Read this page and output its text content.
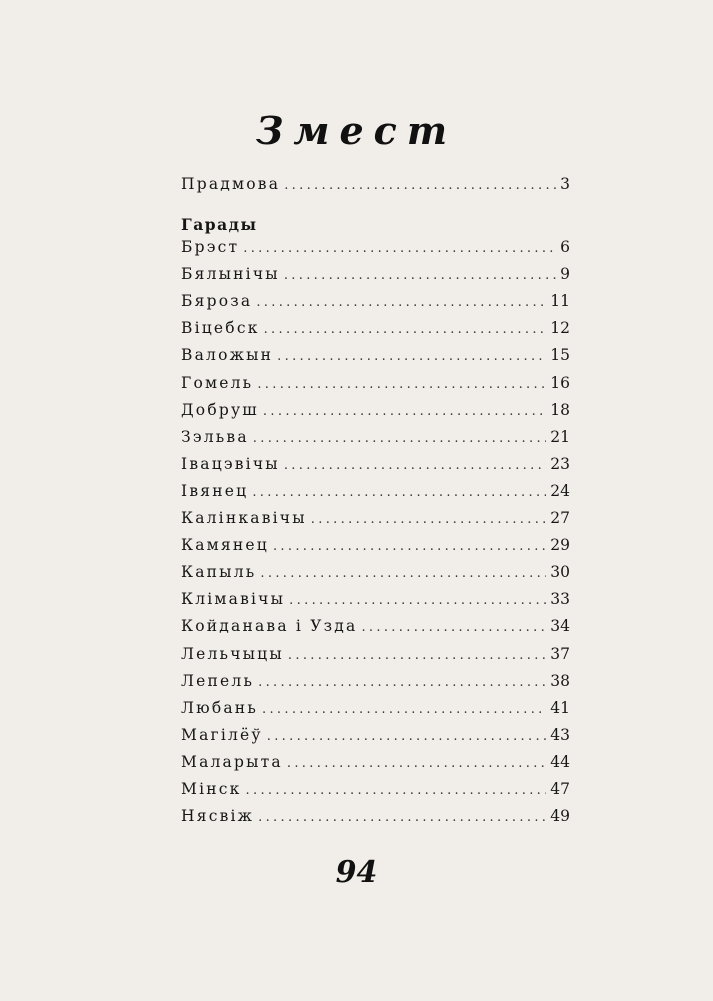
Змест
Прадмова . . .	3
Гарады
Брэст . . .	6
Бялынічы . . .	9
Бяроза . . .	11
Віцебск . . .	12
Валожын . . .	15
Гомель . . .	16
Добруш . . .	18
Зэльва . . .	21
Івацэвічы . . .	23
Івянец . . .	24
Калінкавічы . . .	27
Камянец . . .	29
Капыль . . .	30
Клімавічы . . .	33
Койданава і Узда . . .	34
Лельчыцы . . .	37
Лепель . . .	38
Любань . . .	41
Магілёў . . .	43
Маларыта . . .	44
Мінск . . .	47
Нясвіж . . .	49
94
